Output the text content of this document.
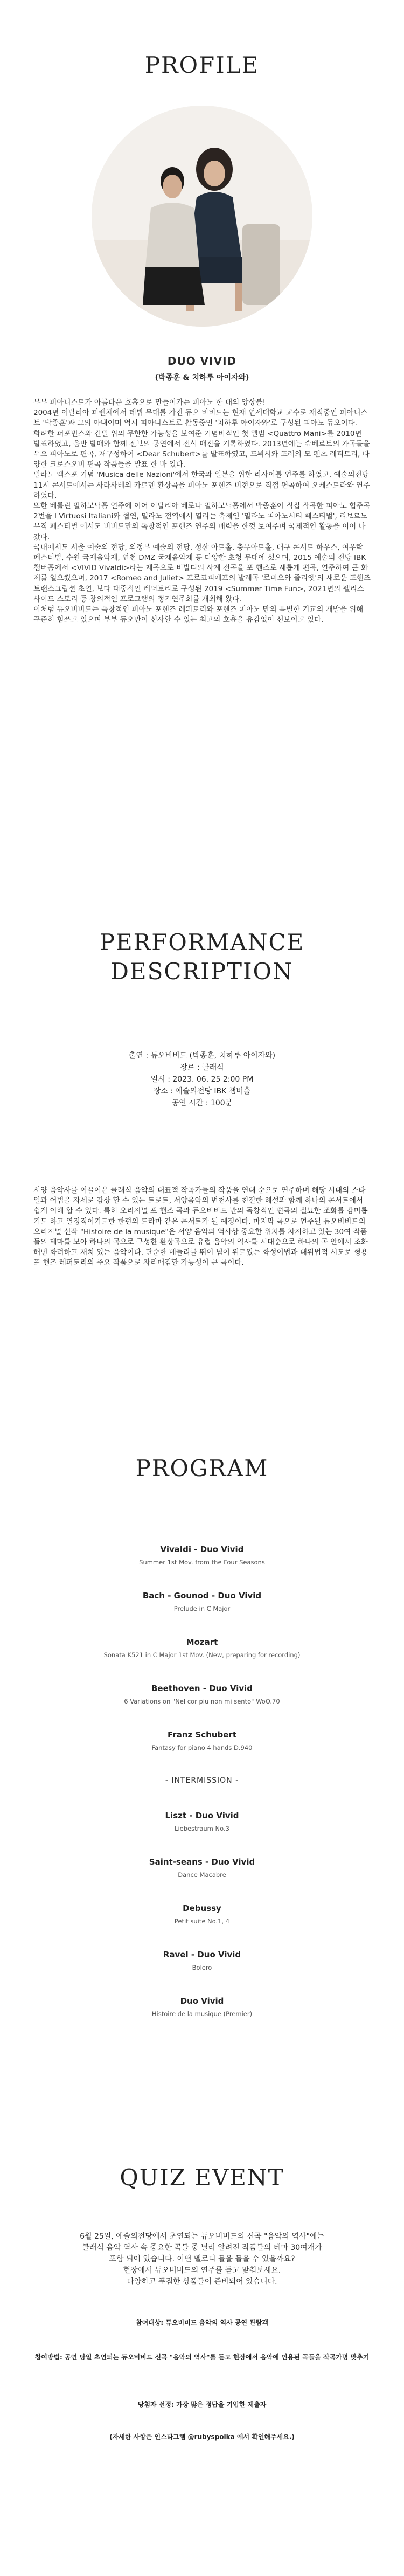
PROFILE
DUO VIVID
(박종훈 & 치하루 아이자와)

부부 피아니스트가 아름다운 호흡으로 만들어가는 피아노 한 대의 앙상블!

2004년 이탈리아 피렌체에서 데뷔 무대를 가진 듀오 비비드는 현재 연세대학교 교수로 재직중인 피아니스트 '박종훈'과 그의 아내이며 역시 피아니스트로 활동중인 '치하루 아이자와'로 구성된 피아노 듀오이다.

화려한 퍼포먼스와 긴밀 위의 무한한 가능성을 보여준 기념비적인 첫 앨범 <Quattro Mani>를 2010년 발표하였고, 음반 발매와 함께 전보의 공연에서 전석 매진을 기록하였다. 2013년에는 슈베르트의 가곡들을 듀오 피아노로 편곡, 재구성하여 <Dear Schubert>를 발표하였고, 드뷔시와 포레의 모 펜츠 레퍼토리, 다양한 크로스오버 편곡 작품들을 발표 한 바 있다.

밀라노 엑스포 기념 'Musica delle Nazioni'에서 한국과 일본을 위한 리사이틀 연주를 하였고, 예술의전당 11시 콘서트에서는 사라사테의 카르멘 환상곡을 피아노 포핸즈 버전으로 직접 편곡하여 오케스트라와 연주하였다.

또한 베를린 필하모닉홀 연주에 이어 이탈리아 베로나 필하모닉홀에서 박종훈이 직접 작곡한 피아노 협주곡 2번을 I Virtuosi Italiani와 협연, 밀라노 전역에서 열리는 축제인 '밀라노 피아노시티 페스티벌', 리보르노 뮤직 페스티벌 에서도 비비드만의 독창적인 포핸즈 연주의 매력을 한껏 보여주며 국제적인 활동을 이어 나갔다.

국내에서도 서울 예술의 전당, 의정부 예술의 전당, 성산 아트홀, 충무아트홀, 대구 콘서트 하우스, 여우락 페스티벌, 수원 국제음악제, 연천 DMZ 국제음악제 등 다양한 초청 무대에 섰으며, 2015 예술의 전당 IBK챔버홀에서 <VIVID Vivaldi>라는 제목으로 비발디의 사계 전곡을 포 핸즈로 새롭게 편곡, 연주하여 큰 화제를 일으켰으며, 2017 <Romeo and Juliet> 프로코피에프의 발레곡 '로미오와 줄리엣'의 새로운 포핸즈 트랜스크립션 초연, 보다 대중적인 레퍼토리로 구성된 2019 <Summer Time Fun>, 2021년의 펠리스 사이드 스토리 등 창의적인 프로그램의 정기연주회를 개최해 왔다.

이처럼 듀오비비드는 독창적인 피아노 포핸즈 레퍼토리와 포핸즈 피아노 만의 특별한 기교의 개발을 위해 꾸준히 힘쓰고 있으며 부부 듀오만이 선사할 수 있는 최고의 호흡을 유감없이 선보이고 있다.

PERFORMANCE
DESCRIPTION
출연 : 듀오비비드 (박종훈, 치하루 아이자와)
장르 : 클래식
일시 : 2023. 06. 25 2:00 PM
장소 : 예술의전당 IBK 챔버홀
공연 시간 : 100분
서양 음악사를 이끌어온 클래식 음악의 대표적 작곡가들의 작품을 연대 순으로 연주하며 해당 시대의 스타일과 어법을 자세로 감상 할 수 있는 트로트, 서양음악의 변천사를 친절한 해설과 함께 하나의 콘서트에서 쉽게 이해 할 수 있다. 특히 오리지널 포 핸즈 곡과 듀오비비드 만의 독창적인 편곡의 절묘한 조화를 감미롭기도 하고 열정적이기도한 한편의 드라마 같은 콘서트가 될 예정이다. 마지막 곡으로 연주될 듀오비비드의 오리지널 신작 "Histoire de la musique"은 서양 음악의 역사상 중요한 위치를 차지하고 있는 30여 작품들의 테마를 모아 하나의 곡으로 구성한 환상곡으로 유럽 음악의 역사를 시대순으로 하나의 곡 안에서 조화해낸 화려하고 재치 있는 음악이다. 단순한 메들리를 뛰어 넘어 위트있는 화성어법과 대위법적 시도로 형용 포 핸즈 레퍼토리의 주요 작품으로 자리매김할 가능성이 큰 곡이다.
PROGRAM
Vivaldi - Duo Vivid
Summer 1st Mov. from the Four Seasons
Bach - Gounod - Duo Vivid
Prelude in C Major
Mozart
Sonata K521 in C Major 1st Mov. (New, preparing for recording)
Beethoven - Duo Vivid
6 Variations on "Nel cor piu non mi sento" WoO.70
Franz Schubert
Fantasy for piano 4 hands D.940
- INTERMISSION -
Liszt - Duo Vivid
Liebestraum No.3
Saint-seans - Duo Vivid
Dance Macabre
Debussy
Petit suite No.1, 4
Ravel - Duo Vivid
Bolero
Duo Vivid
Histoire de la musique (Premier)
QUIZ EVENT
6월 25일, 예술의전당에서 초연되는 듀오비비드의 신곡 "음악의 역사"에는
클래식 음악 역사 속 중요한 곡들 중 널리 알려진 작품들의 테마 30여개가
포함 되어 있습니다. 어떤 멜로디 들을 들을 수 있을까요?
현장에서 듀오비비드의 연주를 듣고 맞춰보세요.
다양하고 푸짐한 상품들이 준비되어 있습니다.
참여대상: 듀오비비드 음악의 역사 공연 관람객
참여방법: 공연 당일 초연되는 듀오비비드 신곡 "음악의 역사"를 듣고 현장에서 음악에 인용된 곡들을 작곡가명 맞추기
당첨자 선정: 가장 많은 정답을 기입한 제출자
(자세한 사항은 인스타그램 @rubyspolka 에서 확인해주세요.)
